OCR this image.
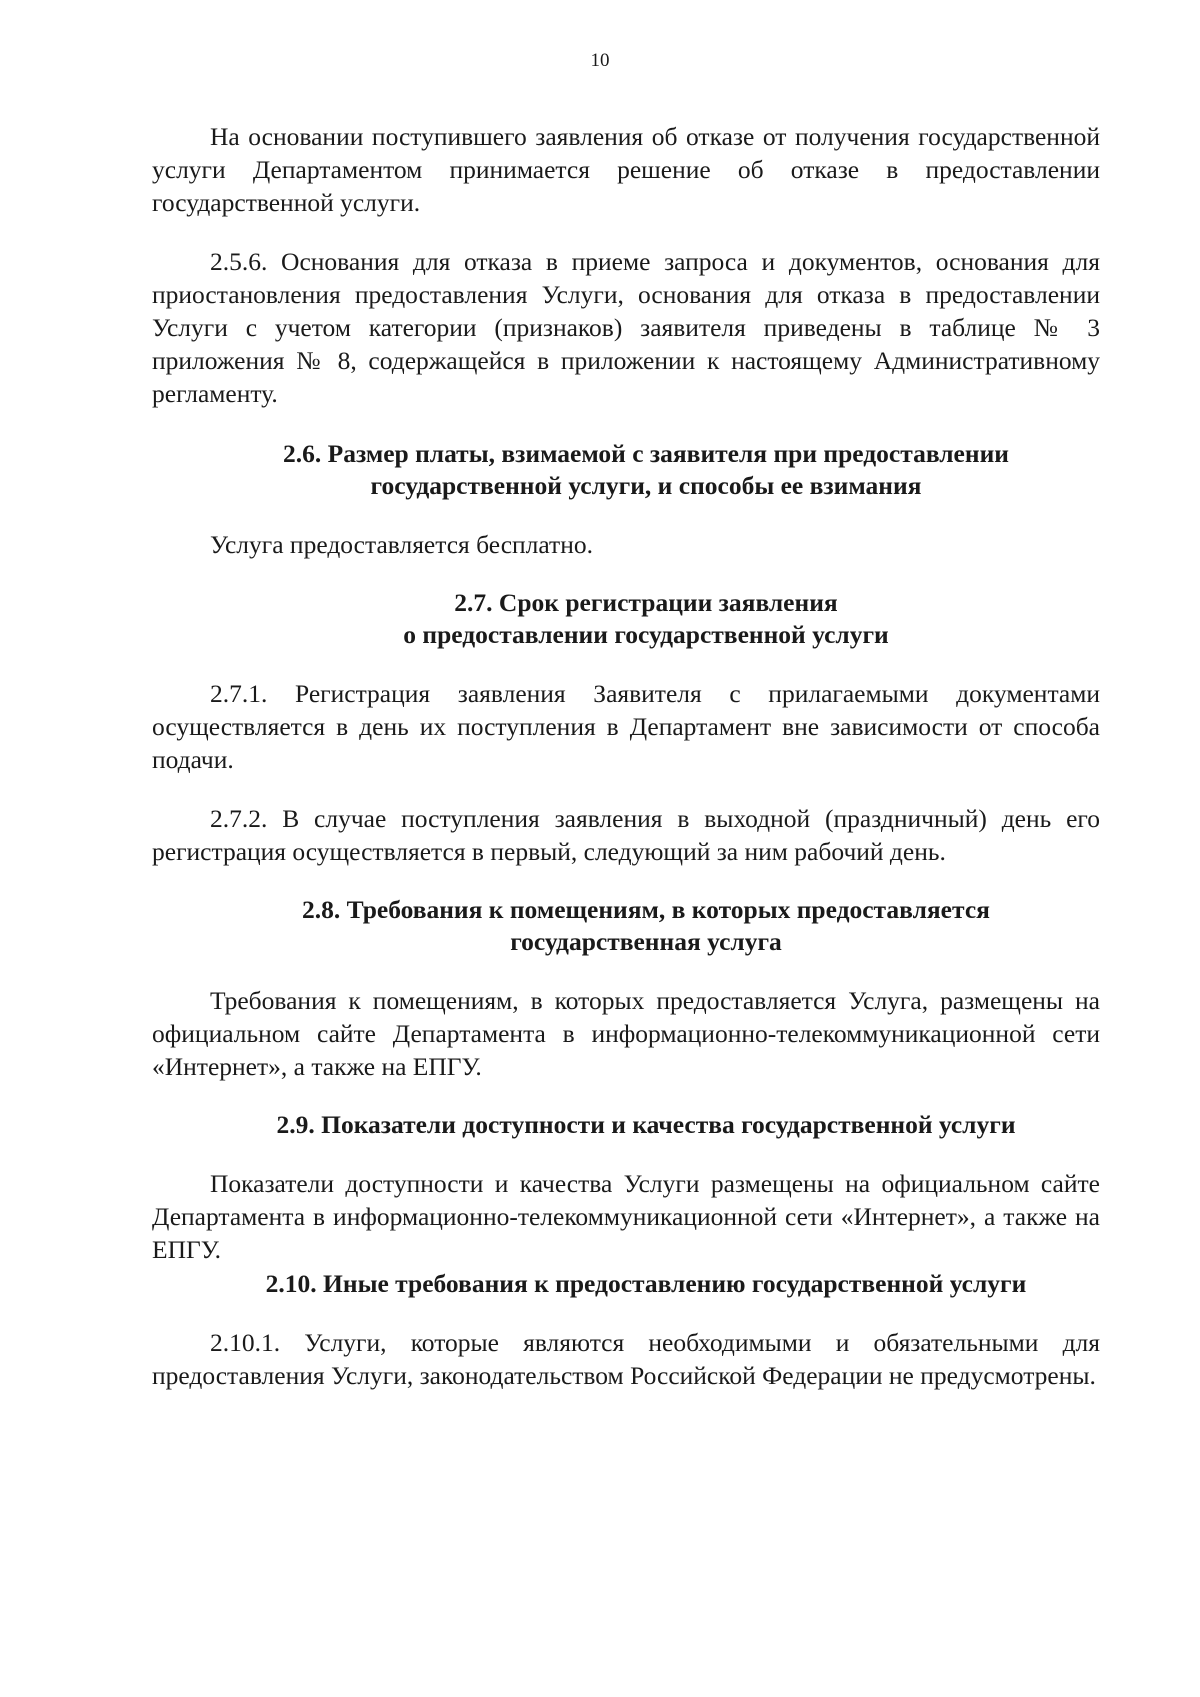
10

На основании поступившего заявления об отказе от получения государственной услуги Департаментом принимается решение об отказе в предоставлении государственной услуги.

2.5.6. Основания для отказа в приеме запроса и документов, основания для приостановления предоставления Услуги, основания для отказа в предоставлении Услуги с учетом категории (признаков) заявителя приведены в таблице № 3 приложения № 8, содержащейся в приложении к настоящему Административному регламенту.

2.6. Размер платы, взимаемой с заявителя при предоставлении
государственной услуги, и способы ее взимания

Услуга предоставляется бесплатно.

2.7. Срок регистрации заявления
о предоставлении государственной услуги

2.7.1. Регистрация заявления Заявителя с прилагаемыми документами осуществляется в день их поступления в Департамент вне зависимости от способа подачи.

2.7.2. В случае поступления заявления в выходной (праздничный) день его регистрация осуществляется в первый, следующий за ним рабочий день.

2.8. Требования к помещениям, в которых предоставляется
государственная услуга

Требования к помещениям, в которых предоставляется Услуга, размещены на официальном сайте Департамента в информационно-телекоммуникационной сети «Интернет», а также на ЕПГУ.

2.9. Показатели доступности и качества государственной услуги

Показатели доступности и качества Услуги размещены на официальном сайте Департамента в информационно-телекоммуникационной сети «Интернет», а также на ЕПГУ.

2.10. Иные требования к предоставлению государственной услуги

2.10.1. Услуги, которые являются необходимыми и обязательными для предоставления Услуги, законодательством Российской Федерации не предусмотрены.
